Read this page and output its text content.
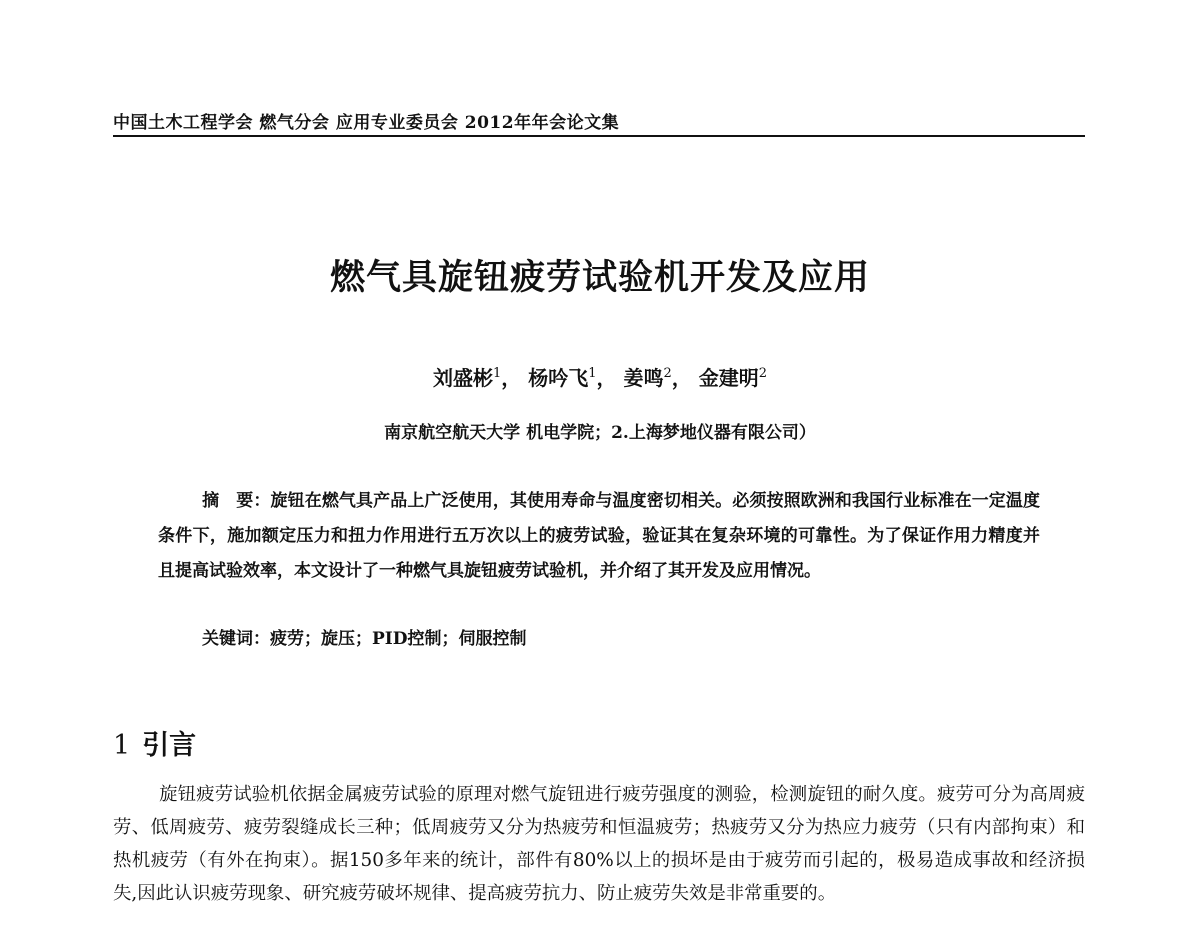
中国土木工程学会 燃气分会 应用专业委员会 2012年年会论文集
燃气具旋钮疲劳试验机开发及应用
刘盛彬$^1$， 杨吟飞$^1$， 姜鸣$^2$， 金建明$^2$
南京航空航天大学 机电学院；2.上海梦地仪器有限公司）
摘　要：旋钮在燃气具产品上广泛使用，其使用寿命与温度密切相关。必须按照欧洲和我国行业标准在一定温度条件下，施加额定压力和扭力作用进行五万次以上的疲劳试验，验证其在复杂环境的可靠性。为了保证作用力精度并且提高试验效率，本文设计了一种燃气具旋钮疲劳试验机，并介绍了其开发及应用情况。
关键词：疲劳；旋压；PID控制；伺服控制
1 引言
旋钮疲劳试验机依据金属疲劳试验的原理对燃气旋钮进行疲劳强度的测验，检测旋钮的耐久度。疲劳可分为高周疲劳、低周疲劳、疲劳裂缝成长三种；低周疲劳又分为热疲劳和恒温疲劳；热疲劳又分为热应力疲劳（只有内部拘束）和热机疲劳（有外在拘束）。据150多年来的统计，部件有80%以上的损坏是由于疲劳而引起的，极易造成事故和经济损失,因此认识疲劳现象、研究疲劳破坏规律、提高疲劳抗力、防止疲劳失效是非常重要的。
